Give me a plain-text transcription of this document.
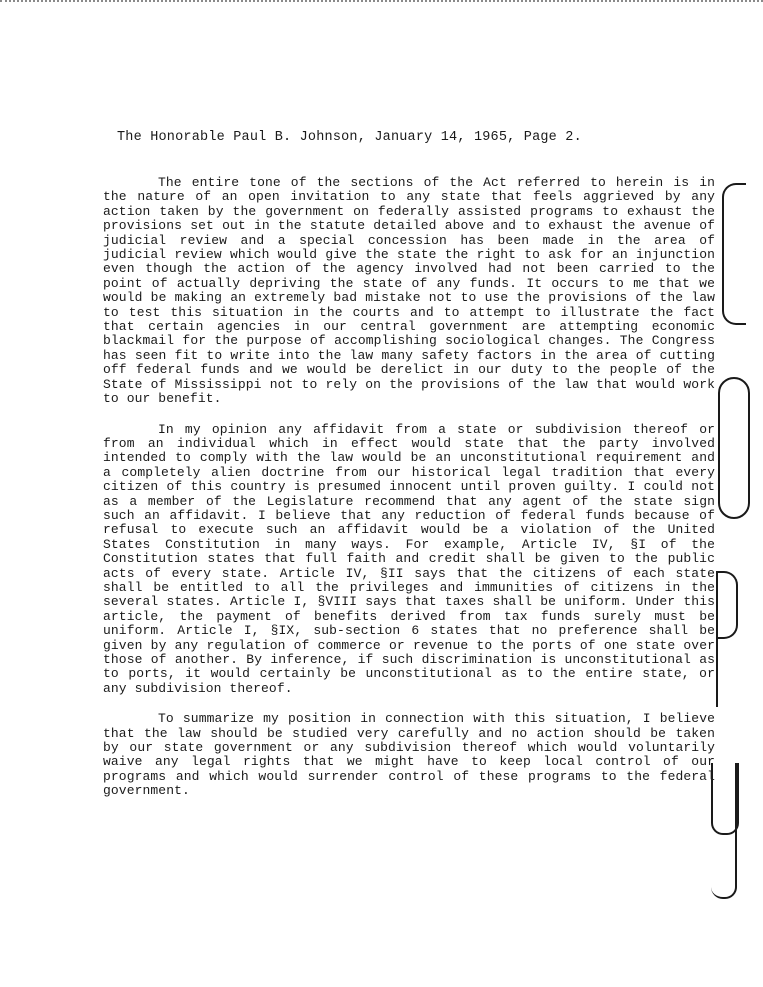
The Honorable Paul B. Johnson, January 14, 1965, Page 2.

The entire tone of the sections of the Act referred to herein is in the nature of an open invitation to any state that feels aggrieved by any action taken by the government on federally assisted programs to exhaust the provisions set out in the statute detailed above and to exhaust the avenue of judicial review and a special concession has been made in the area of judicial review which would give the state the right to ask for an injunction even though the action of the agency involved had not been carried to the point of actually depriving the state of any funds. It occurs to me that we would be making an extremely bad mistake not to use the provisions of the law to test this situation in the courts and to attempt to illustrate the fact that certain agencies in our central government are attempting economic blackmail for the purpose of accomplishing sociological changes. The Congress has seen fit to write into the law many safety factors in the area of cutting off federal funds and we would be derelict in our duty to the people of the State of Mississippi not to rely on the provisions of the law that would work to our benefit.

In my opinion any affidavit from a state or subdivision thereof or from an individual which in effect would state that the party involved intended to comply with the law would be an unconstitutional requirement and a completely alien doctrine from our historical legal tradition that every citizen of this country is presumed innocent until proven guilty. I could not as a member of the Legislature recommend that any agent of the state sign such an affidavit. I believe that any reduction of federal funds because of refusal to execute such an affidavit would be a violation of the United States Constitution in many ways. For example, Article IV, §I of the Constitution states that full faith and credit shall be given to the public acts of every state. Article IV, §II says that the citizens of each state shall be entitled to all the privileges and immunities of citizens in the several states. Article I, §VIII says that taxes shall be uniform. Under this article, the payment of benefits derived from tax funds surely must be uniform. Article I, §IX, sub-section 6 states that no preference shall be given by any regulation of commerce or revenue to the ports of one state over those of another. By inference, if such discrimination is unconstitutional as to ports, it would certainly be unconstitutional as to the entire state, or any subdivision thereof.

To summarize my position in connection with this situation, I believe that the law should be studied very carefully and no action should be taken by our state government or any subdivision thereof which would voluntarily waive any legal rights that we might have to keep local control of our programs and which would surrender control of these programs to the federal government.
